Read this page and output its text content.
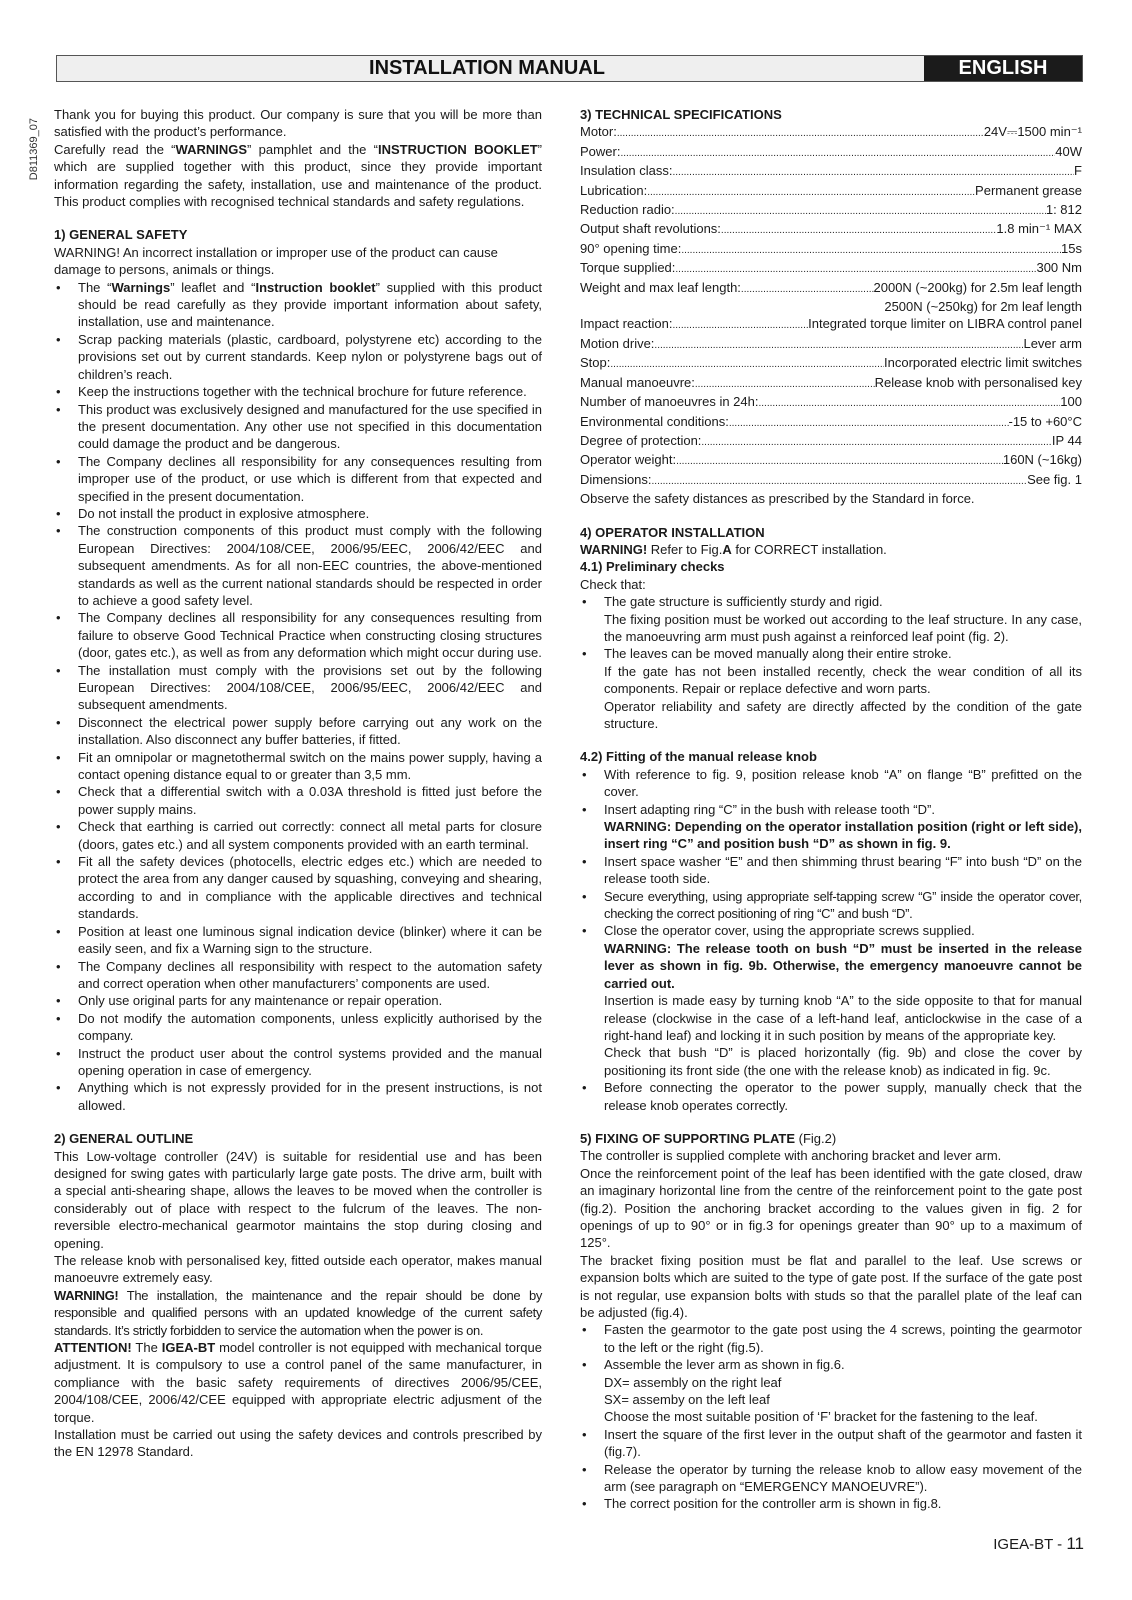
D811369_07
INSTALLATION MANUAL	ENGLISH

Thank you for buying this product. Our company is sure that you will be more than satisfied with the product’s performance.

Carefully read the “WARNINGS” pamphlet and the “INSTRUCTION BOOKLET” which are supplied together with this product, since they provide important information regarding the safety, installation, use and maintenance of the product. This product complies with recognised technical standards and safety regulations.

1) GENERAL SAFETY

WARNING! An incorrect installation or improper use of the product can cause damage to persons, animals or things.

• The “Warnings” leaflet and “Instruction booklet” supplied with this product should be read carefully as they provide important information about safety, installation, use and maintenance.
• Scrap packing materials (plastic, cardboard, polystyrene etc) according to the provisions set out by current standards. Keep nylon or polystyrene bags out of children’s reach.
• Keep the instructions together with the technical brochure for future reference.
• This product was exclusively designed and manufactured for the use specified in the present documentation. Any other use not specified in this documentation could damage the product and be dangerous.
• The Company declines all responsibility for any consequences resulting from improper use of the product, or use which is different from that expected and specified in the present documentation.
• Do not install the product in explosive atmosphere.
• The construction components of this product must comply with the following European Directives: 2004/108/CEE, 2006/95/EEC, 2006/42/EEC and subsequent amendments. As for all non-EEC countries, the above-mentioned standards as well as the current national standards should be respected in order to achieve a good safety level.
• The Company declines all responsibility for any consequences resulting from failure to observe Good Technical Practice when constructing closing structures (door, gates etc.), as well as from any deformation which might occur during use.
• The installation must comply with the provisions set out by the following European Directives: 2004/108/CEE, 2006/95/EEC, 2006/42/EEC and subsequent amendments.
• Disconnect the electrical power supply before carrying out any work on the installation. Also disconnect any buffer batteries, if fitted.
• Fit an omnipolar or magnetothermal switch on the mains power supply, having a contact opening distance equal to or greater than 3,5 mm.
• Check that a differential switch with a 0.03A threshold is fitted just before the power supply mains.
• Check that earthing is carried out correctly: connect all metal parts for closure (doors, gates etc.) and all system components provided with an earth terminal.
• Fit all the safety devices (photocells, electric edges etc.) which are needed to protect the area from any danger caused by squashing, conveying and shearing, according to and in compliance with the applicable directives and technical standards.
• Position at least one luminous signal indication device (blinker) where it can be easily seen, and fix a Warning sign to the structure.
• The Company declines all responsibility with respect to the automation safety and correct operation when other manufacturers’ components are used.
• Only use original parts for any maintenance or repair operation.
• Do not modify the automation components, unless explicitly authorised by the company.
• Instruct the product user about the control systems provided and the manual opening operation in case of emergency.
• Anything which is not expressly provided for in the present instructions, is not allowed.

2) GENERAL OUTLINE

This Low-voltage controller (24V) is suitable for residential use and has been designed for swing gates with particularly large gate posts. The drive arm, built with a special anti-shearing shape, allows the leaves to be moved when the controller is considerably out of place with respect to the fulcrum of the leaves. The non-reversible electro-mechanical gearmotor maintains the stop during closing and opening.

The release knob with personalised key, fitted outside each operator, makes manual manoeuvre extremely easy.

WARNING! The installation, the maintenance and the repair should be done by responsible and qualified persons with an updated knowledge of the current safety standards. It’s strictly forbidden to service the automation when the power is on.

ATTENTION! The IGEA-BT model controller is not equipped with mechanical torque adjustment. It is compulsory to use a control panel of the same manufacturer, in compliance with the basic safety requirements of directives 2006/95/CEE, 2004/108/CEE, 2006/42/CEE equipped with appropriate electric adjusment of the torque.

Installation must be carried out using the safety devices and controls prescribed by the EN 12978 Standard.

3) TECHNICAL SPECIFICATIONS

Motor: .....	24V⎓1500 min⁻¹
Power: .....	40W
Insulation class: .....	F
Lubrication: .....	Permanent grease
Reduction radio: .....	1: 812
Output shaft revolutions: .....	1.8 min⁻¹ MAX
90° opening time: .....	15s
Torque supplied: .....	300 Nm
Weight and max leaf length: .....	2000N (~200kg) for 2.5m leaf length
2500N (~250kg) for 2m leaf length
Impact reaction: .....	Integrated torque limiter on LIBRA control panel
Motion drive: .....	Lever arm
Stop: .....	Incorporated electric limit switches
Manual manoeuvre: .....	Release knob with personalised key
Number of manoeuvres in 24h: .....	100
Environmental conditions: .....	-15 to +60°C
Degree of protection: .....	IP 44
Operator weight: .....	160N (~16kg)
Dimensions: .....	See fig. 1

Observe the safety distances as prescribed by the Standard in force.

4) OPERATOR INSTALLATION

WARNING! Refer to Fig.A for CORRECT installation.

4.1) Preliminary checks

Check that:

• The gate structure is sufficiently sturdy and rigid.
The fixing position must be worked out according to the leaf structure. In any case, the manoeuvring arm must push against a reinforced leaf point (fig. 2).
• The leaves can be moved manually along their entire stroke.
If the gate has not been installed recently, check the wear condition of all its components. Repair or replace defective and worn parts.
Operator reliability and safety are directly affected by the condition of the gate structure.

4.2) Fitting of the manual release knob

• With reference to fig. 9, position release knob “A” on flange “B” prefitted on the cover.
• Insert adapting ring “C” in the bush with release tooth “D”.
WARNING: Depending on the operator installation position (right or left side), insert ring “C” and position bush “D” as shown in fig. 9.
• Insert space washer “E” and then shimming thrust bearing “F” into bush “D” on the release tooth side.
• Secure everything, using appropriate self-tapping screw “G” inside the operator cover, checking the correct positioning of ring “C” and bush “D”.
• Close the operator cover, using the appropriate screws supplied.
WARNING: The release tooth on bush “D” must be inserted in the release lever as shown in fig. 9b. Otherwise, the emergency manoeuvre cannot be carried out.
Insertion is made easy by turning knob “A” to the side opposite to that for manual release (clockwise in the case of a left-hand leaf, anticlockwise in the case of a right-hand leaf) and locking it in such position by means of the appropriate key.
Check that bush “D” is placed horizontally (fig. 9b) and close the cover by positioning its front side (the one with the release knob) as indicated in fig. 9c.
• Before connecting the operator to the power supply, manually check that the release knob operates correctly.

5) FIXING OF SUPPORTING PLATE (Fig.2)

The controller is supplied complete with anchoring bracket and lever arm.

Once the reinforcement point of the leaf has been identified with the gate closed, draw an imaginary horizontal line from the centre of the reinforcement point to the gate post (fig.2). Position the anchoring bracket according to the values given in fig. 2 for openings of up to 90° or in fig.3 for openings greater than 90° up to a maximum of 125°.

The bracket fixing position must be flat and parallel to the leaf. Use screws or expansion bolts which are suited to the type of gate post. If the surface of the gate post is not regular, use expansion bolts with studs so that the parallel plate of the leaf can be adjusted (fig.4).

• Fasten the gearmotor to the gate post using the 4 screws, pointing the gearmotor to the left or the right (fig.5).
• Assemble the lever arm as shown in fig.6.
DX= assembly on the right leaf
SX= assemby on the left leaf
Choose the most suitable position of ‘F’ bracket for the fastening to the leaf.
• Insert the square of the first lever in the output shaft of the gearmotor and fasten it (fig.7).
• Release the operator by turning the release knob to allow easy movement of the arm (see paragraph on “EMERGENCY MANOEUVRE”).
• The correct position for the controller arm is shown in fig.8.
IGEA-BT - 11
